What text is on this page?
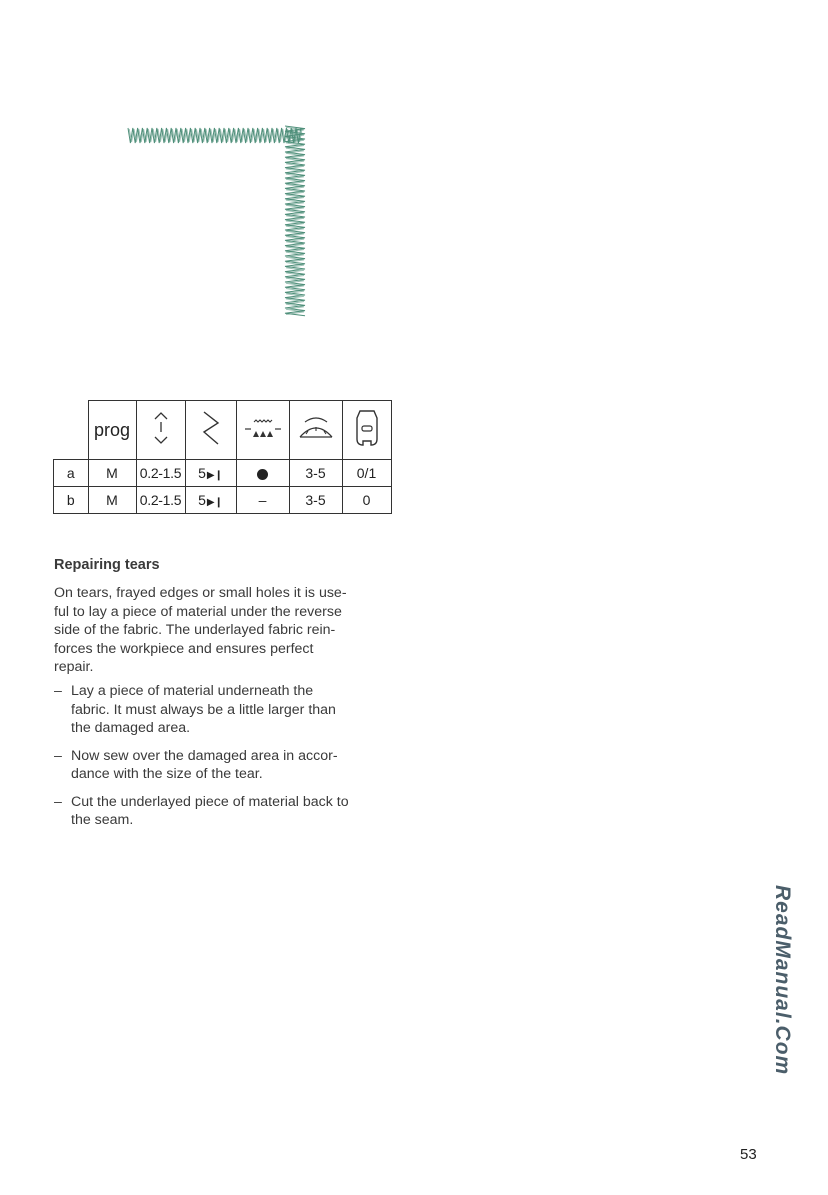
	prog					
a	M	0.2-1.5	5▶❙		3-5	0/1
b	M	0.2-1.5	5▶❙	–	3-5	0
Repairing tears

On tears, frayed edges or small holes it is use-
ful to lay a piece of material under the reverse
side of the fabric. The underlayed fabric rein-
forces the workpiece and ensures perfect
repair.

– Lay a piece of material underneath the
fabric. It must always be a little larger than
the damaged area.
– Now sew over the damaged area in accor-
dance with the size of the tear.
– Cut the underlayed piece of material back to
the seam.
ReadManual.Com
53
